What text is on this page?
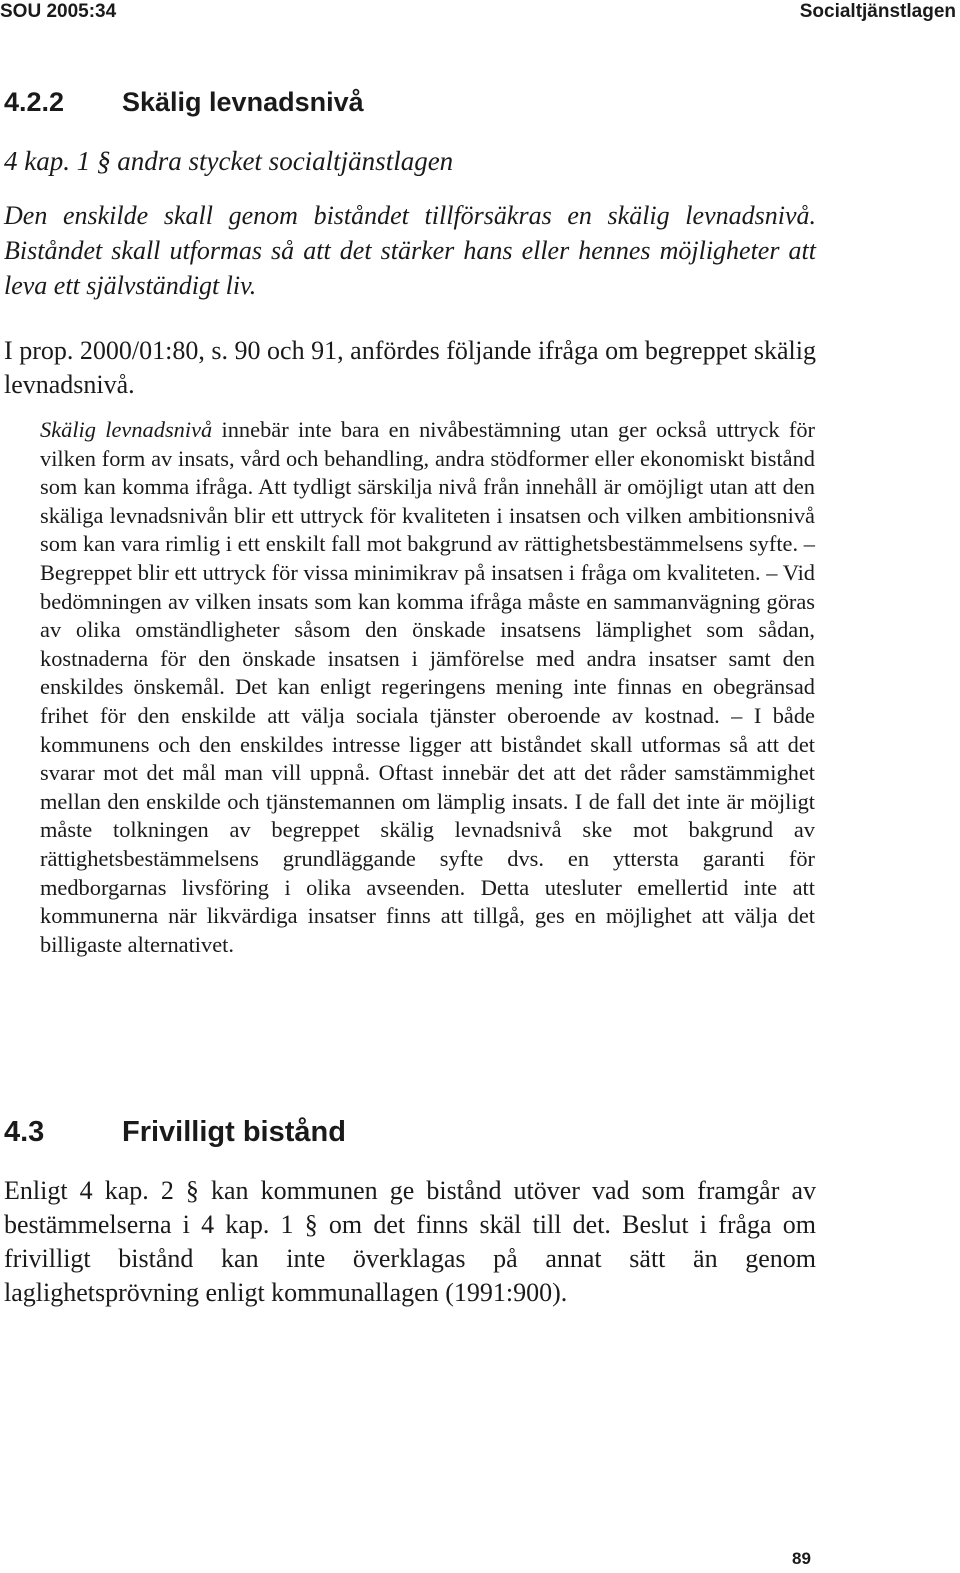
SOU 2005:34	Socialtjänstlagen
4.2.2 Skälig levnadsnivå
4 kap. 1 § andra stycket socialtjänstlagen

Den enskilde skall genom biståndet tillförsäkras en skälig levnadsnivå. Biståndet skall utformas så att det stärker hans eller hennes möjligheter att leva ett självständigt liv.

I prop. 2000/01:80, s. 90 och 91, anfördes följande ifråga om begreppet skälig levnadsnivå.

Skälig levnadsnivå innebär inte bara en nivåbestämning utan ger också uttryck för vilken form av insats, vård och behandling, andra stödformer eller ekonomiskt bistånd som kan komma ifråga. Att tydligt särskilja nivå från innehåll är omöjligt utan att den skäliga levnadsnivån blir ett uttryck för kvaliteten i insatsen och vilken ambitionsnivå som kan vara rimlig i ett enskilt fall mot bakgrund av rättighetsbestämmelsens syfte. – Begreppet blir ett uttryck för vissa minimikrav på insatsen i fråga om kvaliteten. – Vid bedömningen av vilken insats som kan komma ifråga måste en sammanvägning göras av olika omständligheter såsom den önskade insatsens lämplighet som sådan, kostnaderna för den önskade insatsen i jämförelse med andra insatser samt den enskildes önskemål. Det kan enligt regeringens mening inte finnas en obegränsad frihet för den enskilde att välja sociala tjänster oberoende av kostnad. – I både kommunens och den enskildes intresse ligger att biståndet skall utformas så att det svarar mot det mål man vill uppnå. Oftast innebär det att det råder samstämmighet mellan den enskilde och tjänstemannen om lämplig insats. I de fall det inte är möjligt måste tolkningen av begreppet skälig levnadsnivå ske mot bakgrund av rättighetsbestämmelsens grundläggande syfte dvs. en yttersta garanti för medborgarnas livsföring i olika avseenden. Detta utesluter emellertid inte att kommunerna när likvärdiga insatser finns att tillgå, ges en möjlighet att välja det billigaste alternativet.

4.3	Frivilligt bistånd

Enligt 4 kap. 2 § kan kommunen ge bistånd utöver vad som framgår av bestämmelserna i 4 kap. 1 § om det finns skäl till det. Beslut i fråga om frivilligt bistånd kan inte överklagas på annat sätt än genom laglighetsprövning enligt kommunallagen (1991:900).

89
